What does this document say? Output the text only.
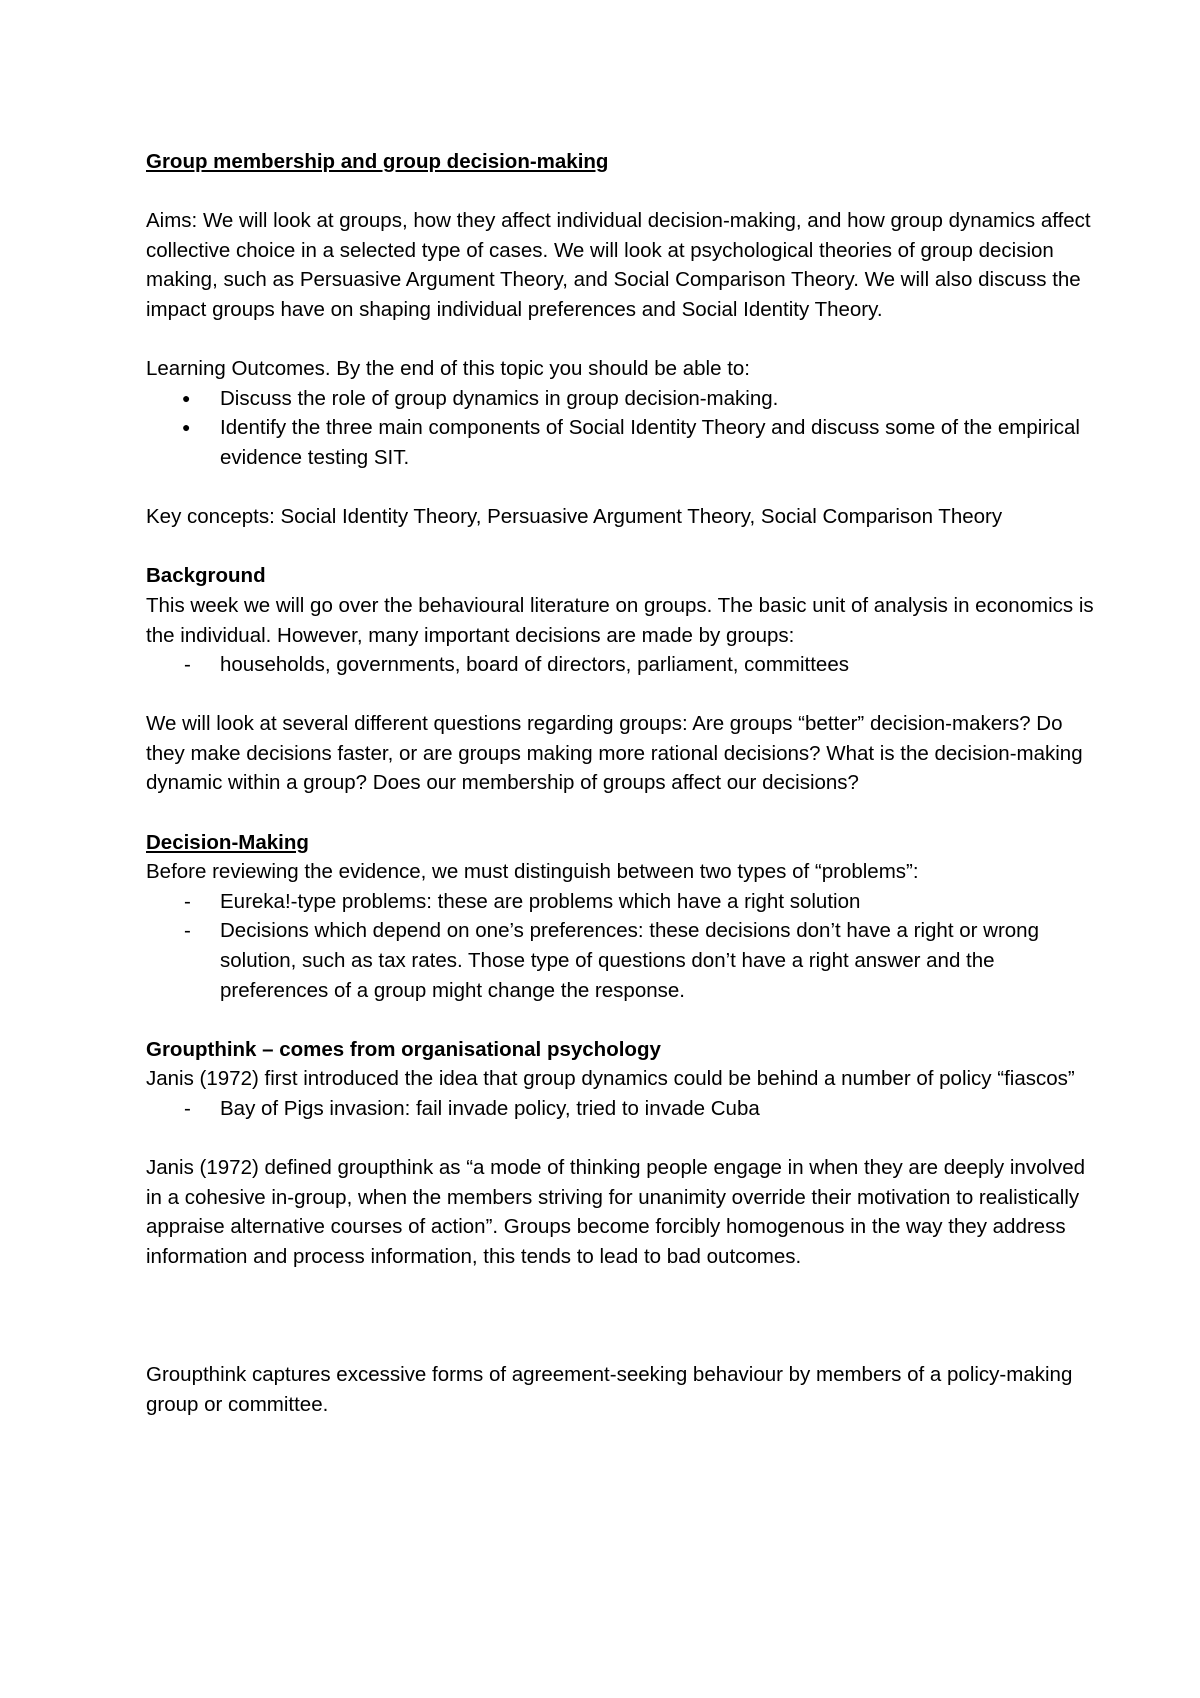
Group membership and group decision-making

Aims: We will look at groups, how they affect individual decision-making, and how group dynamics affect collective choice in a selected type of cases. We will look at psychological theories of group decision making, such as Persuasive Argument Theory, and Social Comparison Theory. We will also discuss the impact groups have on shaping individual preferences and Social Identity Theory.

Learning Outcomes. By the end of this topic you should be able to:

● Discuss the role of group dynamics in group decision-making.
● Identify the three main components of Social Identity Theory and discuss some of the empirical evidence testing SIT.

Key concepts: Social Identity Theory, Persuasive Argument Theory, Social Comparison Theory

Background

This week we will go over the behavioural literature on groups. The basic unit of analysis in economics is the individual. However, many important decisions are made by groups:

- households, governments, board of directors, parliament, committees

We will look at several different questions regarding groups: Are groups “better” decision-makers? Do they make decisions faster, or are groups making more rational decisions? What is the decision-making dynamic within a group? Does our membership of groups affect our decisions?

Decision-Making

Before reviewing the evidence, we must distinguish between two types of “problems”:

- Eureka!-type problems: these are problems which have a right solution
- Decisions which depend on one’s preferences: these decisions don’t have a right or wrong solution, such as tax rates. Those type of questions don’t have a right answer and the preferences of a group might change the response.

Groupthink – comes from organisational psychology

Janis (1972) first introduced the idea that group dynamics could be behind a number of policy “fiascos”

- Bay of Pigs invasion: fail invade policy, tried to invade Cuba

Janis (1972) defined groupthink as “a mode of thinking people engage in when they are deeply involved in a cohesive in-group, when the members striving for unanimity override their motivation to realistically appraise alternative courses of action”. Groups become forcibly homogenous in the way they address information and process information, this tends to lead to bad outcomes.

Groupthink captures excessive forms of agreement-seeking behaviour by members of a policy-making group or committee.
